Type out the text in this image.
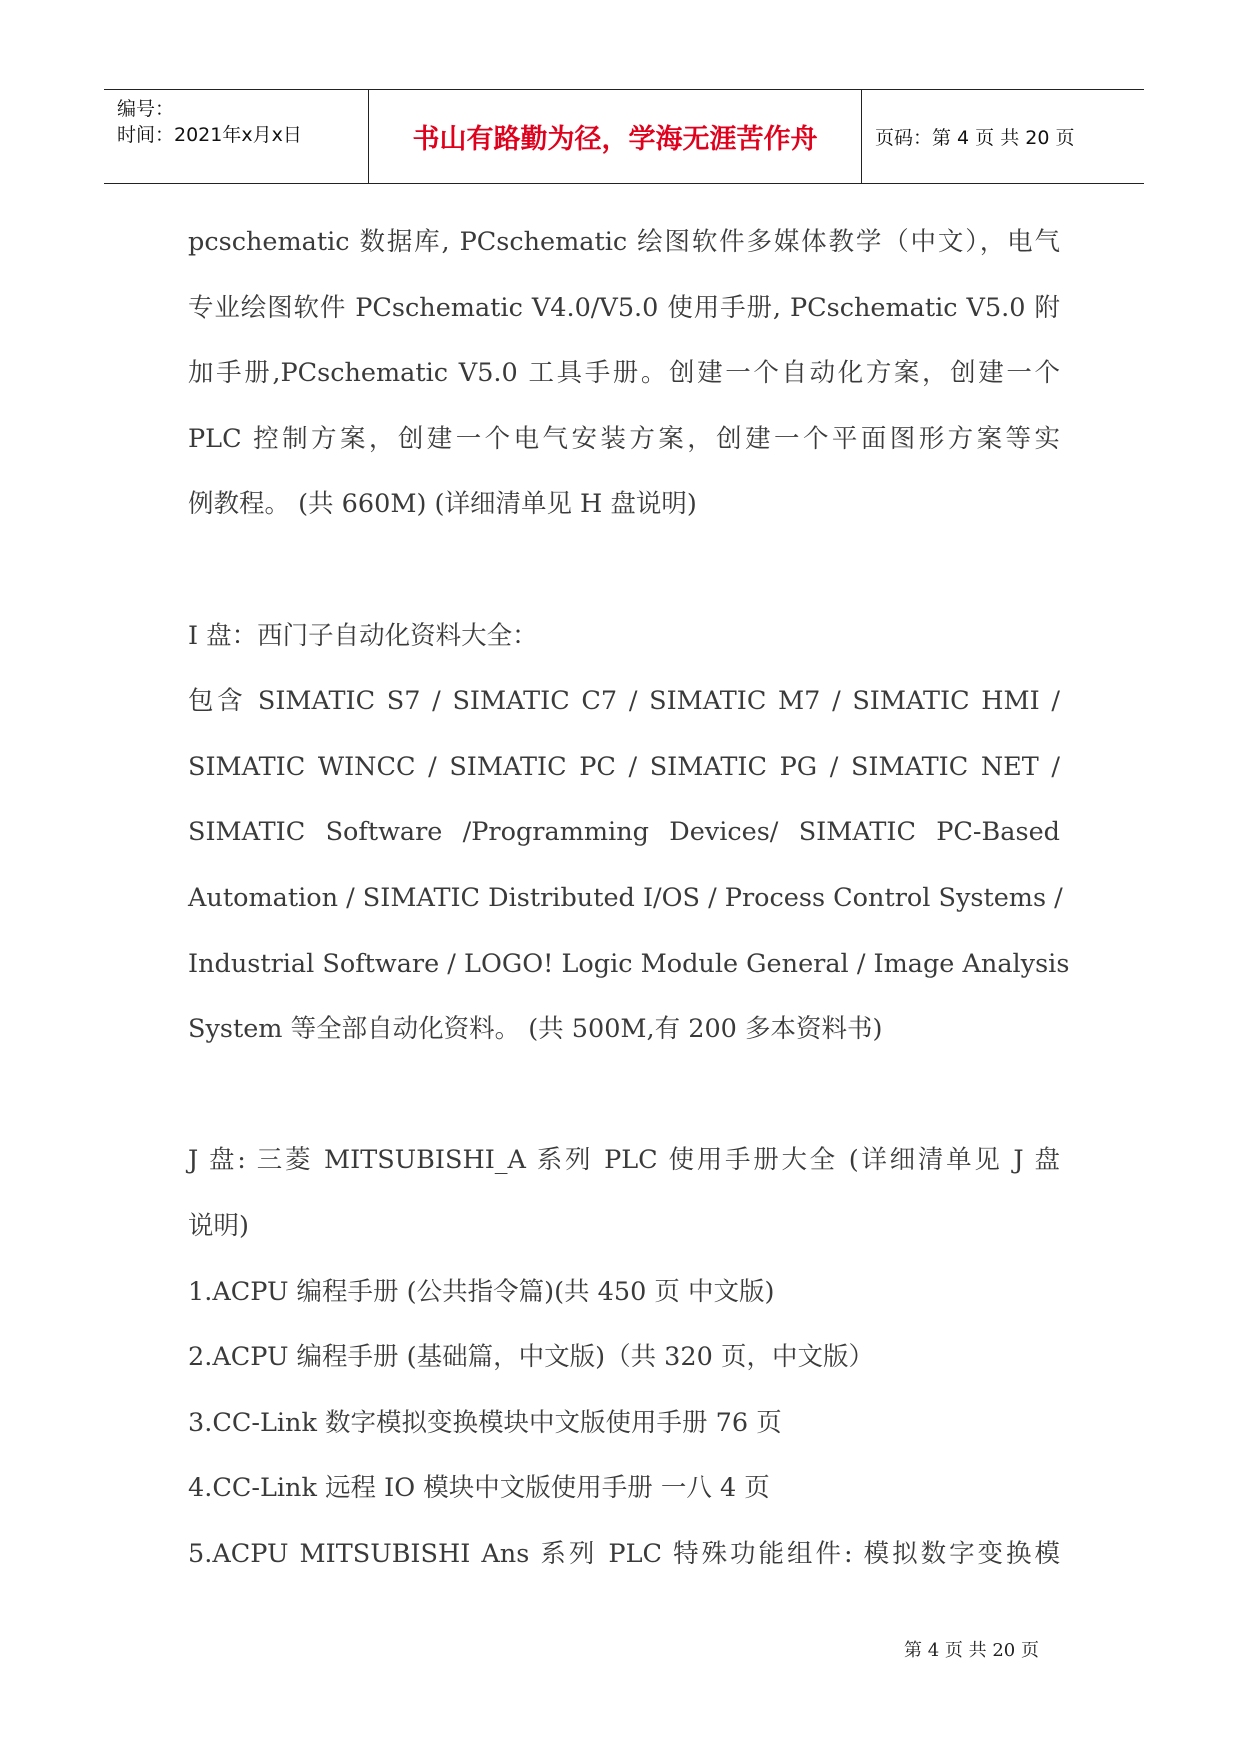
编号：
时间：2021年x月x日	书山有路勤为径，学海无涯苦作舟	页码：第 4 页 共 20 页
pcschematic 数据库, PCschematic 绘图软件多媒体教学（中文），电气
专业绘图软件 PCschematic V4.0/V5.0 使用手册, PCschematic V5.0 附
加手册,PCschematic V5.0 工具手册。创建一个自动化方案，创建一个
PLC 控制方案，创建一个电气安装方案，创建一个平面图形方案等实
例教程。 (共 660M) (详细清单见 H 盘说明)
I 盘：西门子自动化资料大全：
包含 SIMATIC S7 / SIMATIC C7 / SIMATIC M7 / SIMATIC HMI /
SIMATIC WINCC / SIMATIC PC / SIMATIC PG / SIMATIC NET /
SIMATIC Software /Programming Devices/ SIMATIC PC-Based
Automation / SIMATIC Distributed I/OS / Process Control Systems /
Industrial Software / LOGO! Logic Module General / Image Analysis
System 等全部自动化资料。 (共 500M,有 200 多本资料书)
J 盘: 三菱 MITSUBISHI_A 系列 PLC 使用手册大全 (详细清单见 J 盘
说明)
1.ACPU 编程手册 (公共指令篇)(共 450 页 中文版)
2.ACPU 编程手册 (基础篇，中文版)（共 320 页，中文版）
3.CC-Link 数字模拟变换模块中文版使用手册 76 页
4.CC-Link 远程 IO 模块中文版使用手册 一八 4 页
5.ACPU MITSUBISHI Ans 系列 PLC 特殊功能组件: 模拟数字变换模
第 4 页 共 20 页
